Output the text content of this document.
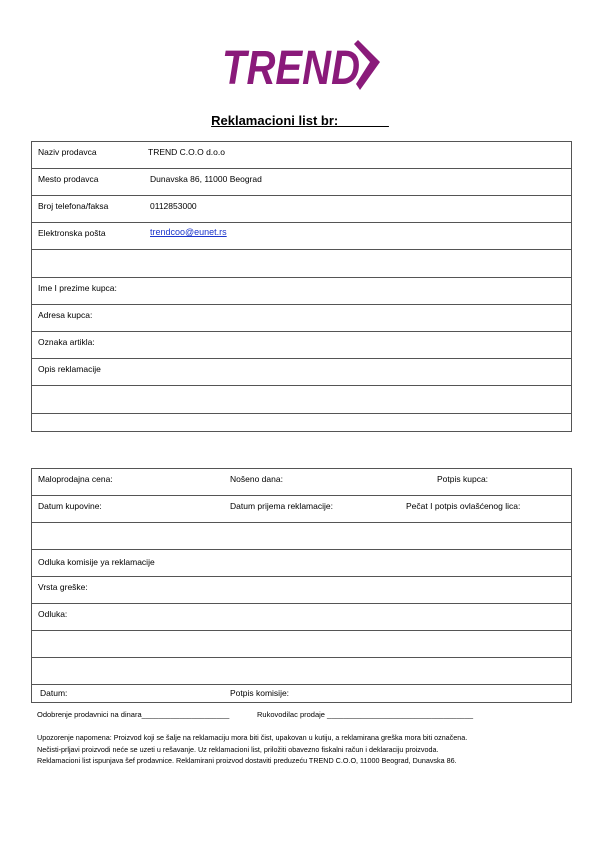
TREND
Reklamacioni list br:_______
Naziv prodavca	TREND C.O.O d.o.o
Mesto prodavca	Dunavska 86, 11000 Beograd
Broj telefona/faksa	0112853000
Elektronska pošta	trendcoo@eunet.rs
Ime I prezime kupca:
Adresa kupca:
Oznaka artikla:
Opis reklamacije
Maloprodajna cena:	Nošeno dana:	Potpis kupca:
Datum kupovine:	Datum prijema reklamacije:	Pečat I potpis ovlašćenog lica:
Odluka komisije ya reklamacije
Vrsta greške:
Odluka:
Datum:	Potpis komisije:
Odobrenje prodavnici na dinara_____________________	Rukovodilac prodaje ___________________________________
Upozorenje napomena: Proizvod koji se šalje na reklamaciju mora biti čist, upakovan u kutiju, a reklamirana greška mora biti označena.
Nečisti-prljavi proizvodi neće se uzeti u rešavanje. Uz reklamacioni list, priložiti obavezno fiskalni račun i deklaraciju proizvoda.
Reklamacioni list ispunjava šef prodavnice. Reklamirani proizvod dostaviti preduzeću TREND C.O.O, 11000 Beograd, Dunavska 86.
